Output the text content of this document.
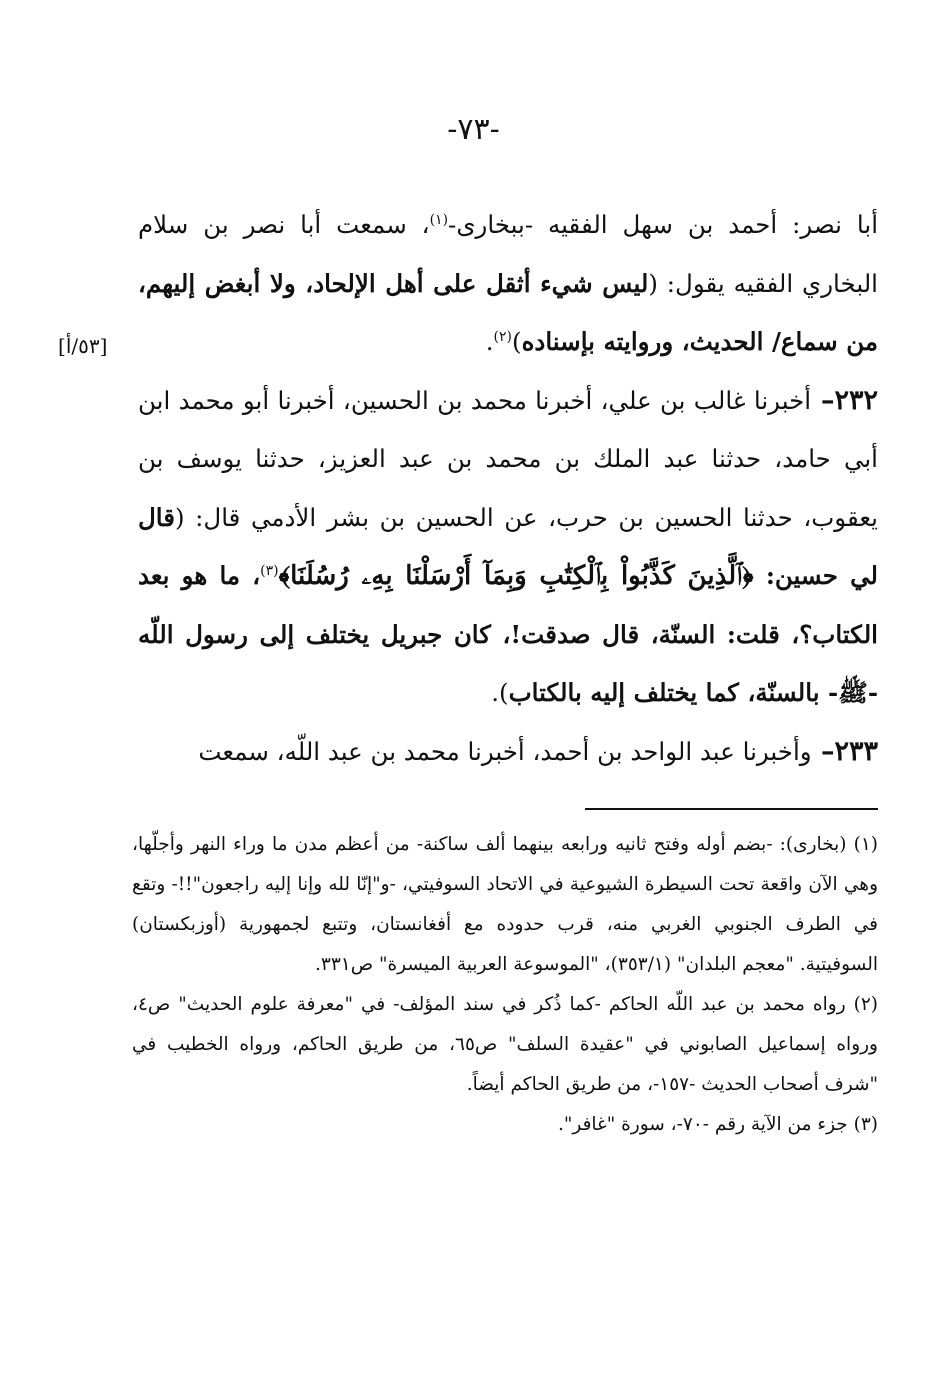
-٧٣-
[٥٣/أ]

أبا نصر: أحمد بن سهل الفقيه -ببخارى-$^{(١)}$، سمعت أبا نصر بن سلام البخاري الفقيه يقول: (ليس شيء أثقل على أهل الإلحاد، ولا أبغض إليهم، من سماع/ الحديث، وروايته بإسناده)$^{(٢)}$.

٢٣٢– أخبرنا غالب بن علي، أخبرنا محمد بن الحسين، أخبرنا أبو محمد ابن أبي حامد، حدثنا عبد الملك بن محمد بن عبد العزيز، حدثنا يوسف بن يعقوب، حدثنا الحسين بن حرب، عن الحسين بن بشر الأدمي قال: (قال لي حسين: ﴿ٱلَّذِينَ كَذَّبُواْ بِٱلْكِتَٰبِ وَبِمَآ أَرْسَلْنَا بِهِۦ رُسُلَنَا﴾$^{(٣)}$، ما هو بعد الكتاب؟، قلت: السنّة، قال صدقت!، كان جبريل يختلف إلى رسول اللّه -ﷺ- بالسنّة، كما يختلف إليه بالكتاب).

٢٣٣– وأخبرنا عبد الواحد بن أحمد، أخبرنا محمد بن عبد اللّه، سمعت

(١) (بخارى): -بضم أوله وفتح ثانيه ورابعه بينهما ألف ساكنة- من أعظم مدن ما وراء النهر وأجلّها، وهي الآن واقعة تحت السيطرة الشيوعية في الاتحاد السوفيتي، -و"إنّا لله وإنا إليه راجعون"!!- وتقع في الطرف الجنوبي الغربي منه، قرب حدوده مع أفغانستان، وتتبع لجمهورية (أوزبكستان) السوفيتية. "معجم البلدان" (٣٥٣/١)، "الموسوعة العربية الميسرة" ص٣٣١.

(٢) رواه محمد بن عبد اللّه الحاكم -كما ذُكر في سند المؤلف- في "معرفة علوم الحديث" ص٤، ورواه إسماعيل الصابوني في "عقيدة السلف" ص٦٥، من طريق الحاكم، ورواه الخطيب في "شرف أصحاب الحديث -١٥٧-، من طريق الحاكم أيضاً.

(٣) جزء من الآية رقم -٧٠-، سورة "غافر".
